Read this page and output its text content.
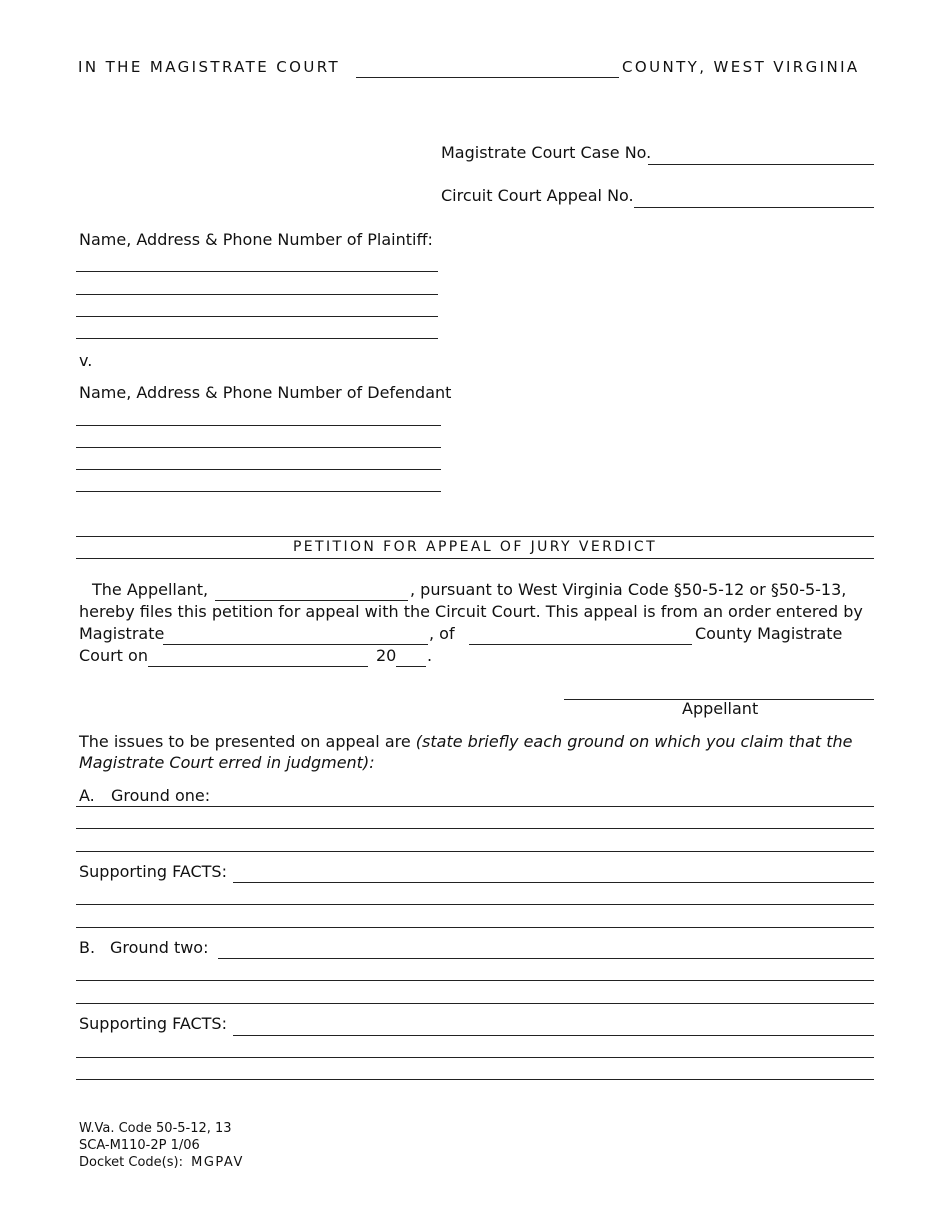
IN THE MAGISTRATE COURT	COUNTY, WEST VIRGINIA
Magistrate Court Case No.
Circuit Court Appeal No.
Name, Address & Phone Number of Plaintiff:
v.
Name, Address & Phone Number of Defendant
PETITION FOR APPEAL OF JURY VERDICT
The Appellant,	, pursuant to West Virginia Code §50-5-12 or §50-5-13,
hereby files this petition for appeal with the Circuit Court. This appeal is from an order entered by
Magistrate	, of	County Magistrate
Court on	20 .
Appellant
The issues to be presented on appeal are (state briefly each ground on which you claim that the
Magistrate Court erred in judgment):
A. Ground one:
Supporting FACTS:
B. Ground two:
Supporting FACTS:
W.Va. Code 50-5-12, 13
SCA-M110-2P 1/06
Docket Code(s): MGPAV
